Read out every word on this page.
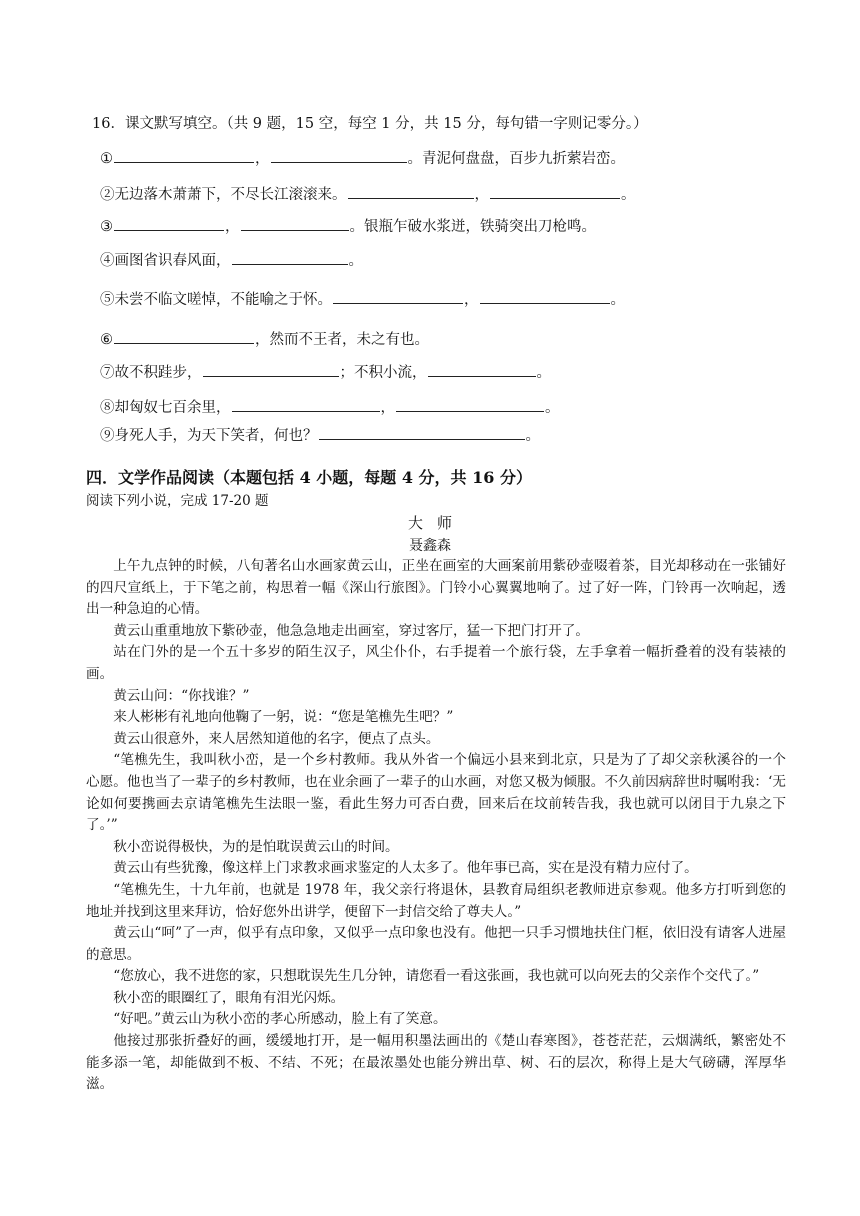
16．课文默写填空。（共 9 题，15 空，每空 1 分，共 15 分，每句错一字则记零分。）
①	，	。青泥何盘盘，百步九折萦岩峦。
②无边落木萧萧下，不尽长江滚滚来。	，	。
③	，	。银瓶乍破水浆迸，铁骑突出刀枪鸣。
④画图省识春风面，	。
⑤未尝不临文嗟悼，不能喻之于怀。	，	。
⑥	，然而不王者，未之有也。
⑦故不积跬步，	；不积小流，	。
⑧却匈奴七百余里，	，	。
⑨身死人手，为天下笑者，何也？	。
四．文学作品阅读（本题包括 4 小题，每题 4 分，共 16 分）
阅读下列小说，完成 17-20 题
大师
聂鑫森

上午九点钟的时候，八旬著名山水画家黄云山，正坐在画室的大画案前用紫砂壶啜着茶，目光却移动在一张铺好的四尺宣纸上，于下笔之前，构思着一幅《深山行旅图》。门铃小心翼翼地响了。过了好一阵，门铃再一次响起，透出一种急迫的心情。

黄云山重重地放下紫砂壶，他急急地走出画室，穿过客厅，猛一下把门打开了。

站在门外的是一个五十多岁的陌生汉子，风尘仆仆，右手提着一个旅行袋，左手拿着一幅折叠着的没有装裱的画。

黄云山问：“你找谁？”

来人彬彬有礼地向他鞠了一躬，说：“您是笔樵先生吧？”

黄云山很意外，来人居然知道他的名字，便点了点头。

“笔樵先生，我叫秋小峦，是一个乡村教师。我从外省一个偏远小县来到北京，只是为了了却父亲秋溪谷的一个心愿。他也当了一辈子的乡村教师，也在业余画了一辈子的山水画，对您又极为倾服。不久前因病辞世时嘱咐我：‘无论如何要携画去京请笔樵先生法眼一鉴，看此生努力可否白费，回来后在坟前转告我，我也就可以闭目于九泉之下了。’”

秋小峦说得极快，为的是怕耽误黄云山的时间。

黄云山有些犹豫，像这样上门求教求画求鉴定的人太多了。他年事已高，实在是没有精力应付了。

“笔樵先生，十九年前，也就是 1978 年，我父亲行将退休，县教育局组织老教师进京参观。他多方打听到您的地址并找到这里来拜访，恰好您外出讲学，便留下一封信交给了尊夫人。”

黄云山“呵”了一声，似乎有点印象，又似乎一点印象也没有。他把一只手习惯地扶住门框，依旧没有请客人进屋的意思。

“您放心，我不进您的家，只想耽误先生几分钟，请您看一看这张画，我也就可以向死去的父亲作个交代了。”

秋小峦的眼圈红了，眼角有泪光闪烁。

“好吧。”黄云山为秋小峦的孝心所感动，脸上有了笑意。

他接过那张折叠好的画，缓缓地打开，是一幅用积墨法画出的《楚山春寒图》，苍苍茫茫，云烟满纸，繁密处不能多添一笔，却能做到不板、不结、不死；在最浓墨处也能分辨出草、树、石的层次，称得上是大气磅礴，浑厚华滋。
